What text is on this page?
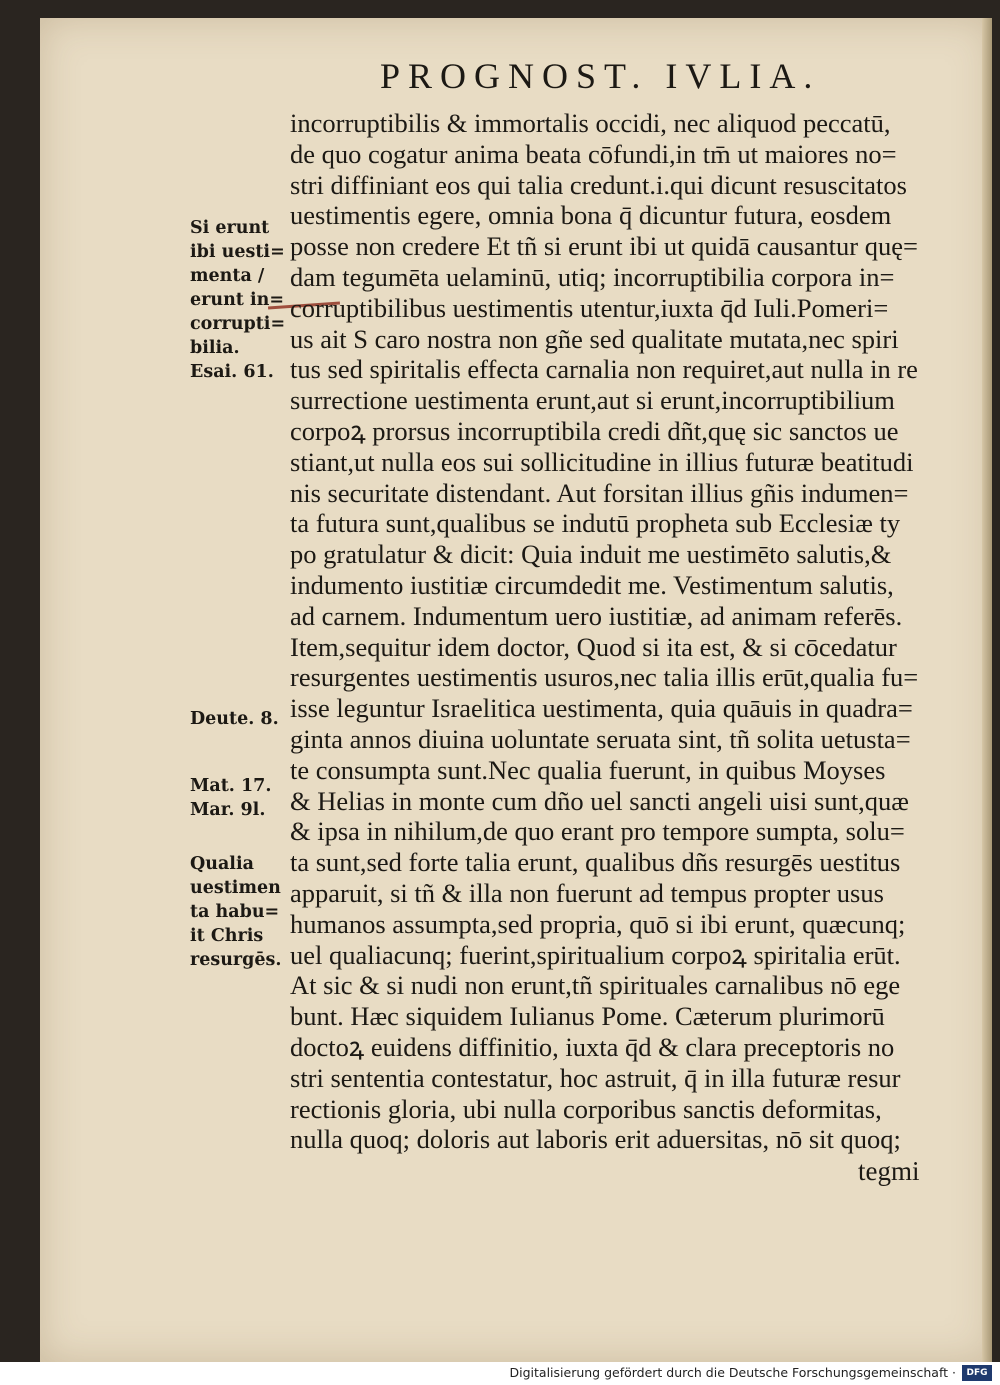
PROGNOST. IVLIA.
incorruptibilis & immortalis occidi, nec aliquod peccatū,
de quo cogatur anima beata cōfundi,in tm̄ ut maiores no=
stri diffiniant eos qui talia credunt.i.qui dicunt resuscitatos
uestimentis egere, omnia bona q̄ dicuntur futura, eosdem
posse non credere Et tñ si erunt ibi ut quidā causantur quę=
dam tegumēta uelaminū, utiq; incorruptibilia corpora in=
corruptibilibus uestimentis utentur,iuxta q̄d Iuli.Pomeri=
us ait S caro nostra non gñe sed qualitate mutata,nec spiri
tus sed spiritalis effecta carnalia non requiret,aut nulla in re
surrectione uestimenta erunt,aut si erunt,incorruptibilium
corpoꝝ prorsus incorruptibila credi dñt,quę sic sanctos ue
stiant,ut nulla eos sui sollicitudine in illius futuræ beatitudi
nis securitate distendant. Aut forsitan illius gñis indumen=
ta futura sunt,qualibus se indutū propheta sub Ecclesiæ ty
po gratulatur & dicit: Quia induit me uestimēto salutis,&
indumento iustitiæ circumdedit me. Vestimentum salutis,
ad carnem. Indumentum uero iustitiæ, ad animam referēs.
Item,sequitur idem doctor, Quod si ita est, & si cōcedatur
resurgentes uestimentis usuros,nec talia illis erūt,qualia fu=
isse leguntur Israelitica uestimenta, quia quāuis in quadra=
ginta annos diuina uoluntate seruata sint, tñ solita uetusta=
te consumpta sunt.Nec qualia fuerunt, in quibus Moyses
& Helias in monte cum dño uel sancti angeli uisi sunt,quæ
& ipsa in nihilum,de quo erant pro tempore sumpta, solu=
ta sunt,sed forte talia erunt, qualibus dñs resurgēs uestitus
apparuit, si tñ & illa non fuerunt ad tempus propter usus
humanos assumpta,sed propria, quō si ibi erunt, quæcunq;
uel qualiacunq; fuerint,spiritualium corpoꝝ spiritalia erūt.
At sic & si nudi non erunt,tñ spirituales carnalibus nō ege
bunt. Hæc siquidem Iulianus Pome. Cæterum plurimorū
doctoꝝ euidens diffinitio, iuxta q̄d & clara preceptoris no
stri sententia contestatur, hoc astruit, q̄ in illa futuræ resur
rectionis gloria, ubi nulla corporibus sanctis deformitas,
nulla quoq; doloris aut laboris erit aduersitas, nō sit quoq;
Si erunt
ibi uesti=
menta /
erunt in=
corrupti=
bilia.
Esai. 61.
Deute. 8.
Mat. 17.
Mar. 9l.
Qualia
uestimen
ta habu=
it Chris
resurgēs.
tegmi
Digitalisierung gefördert durch die Deutsche Forschungsgemeinschaft ·	DFG
